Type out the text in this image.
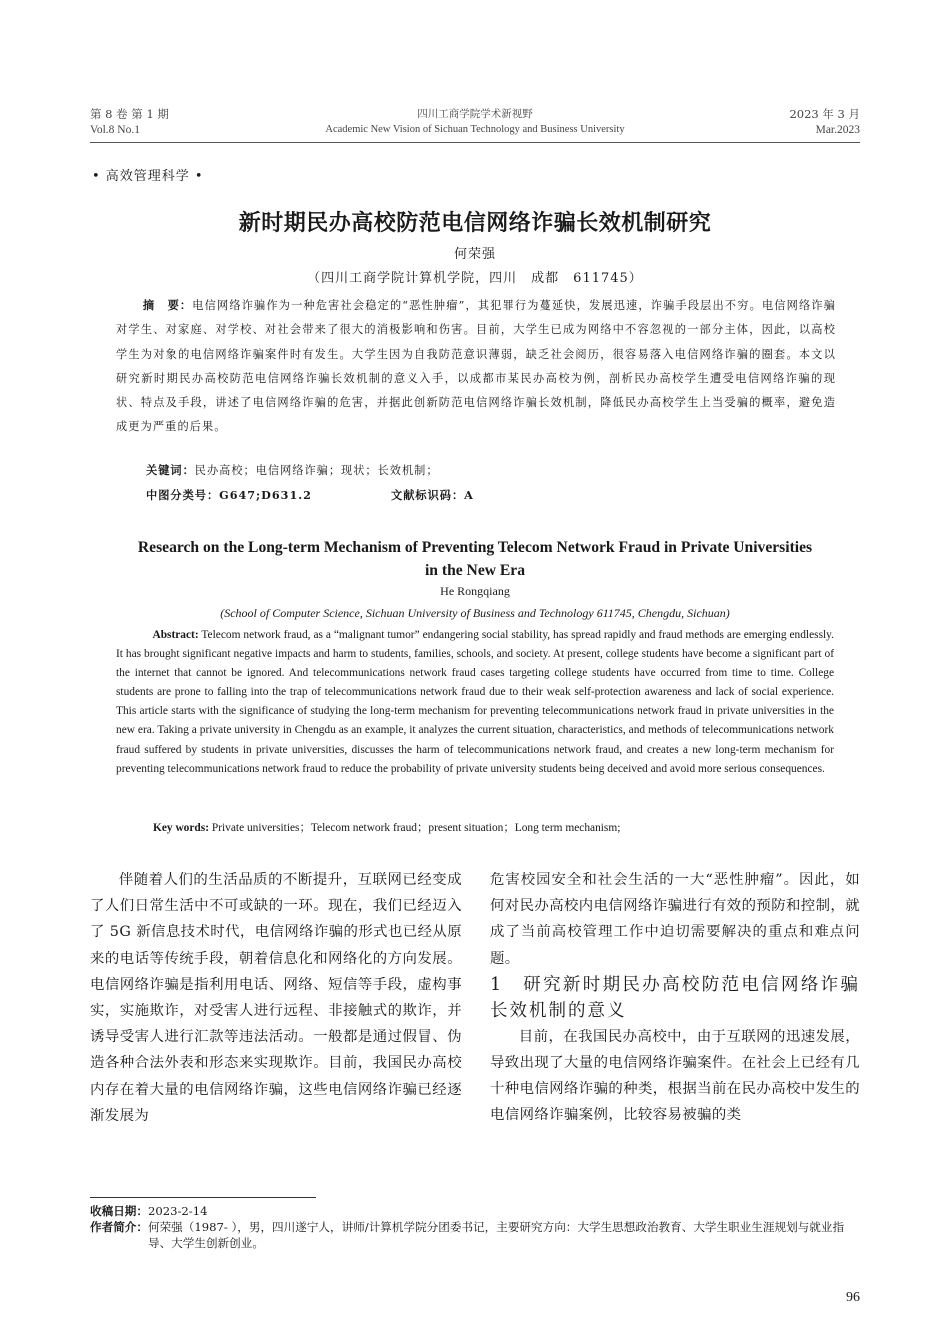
第 8 卷 第 1 期
Vol.8 No.1
四川工商学院学术新视野
Academic New Vision of Sichuan Technology and Business University
2023 年 3 月
Mar.2023
• 高效管理科学 •
新时期民办高校防范电信网络诈骗长效机制研究
何荣强
（四川工商学院计算机学院，四川　成都　611745）
摘　要：电信网络诈骗作为一种危害社会稳定的“恶性肿瘤”，其犯罪行为蔓延快，发展迅速，诈骗手段层出不穷。电信网络诈骗对学生、对家庭、对学校、对社会带来了很大的消极影响和伤害。目前，大学生已成为网络中不容忽视的一部分主体，因此，以高校学生为对象的电信网络诈骗案件时有发生。大学生因为自我防范意识薄弱，缺乏社会阅历，很容易落入电信网络诈骗的圈套。本文以研究新时期民办高校防范电信网络诈骗长效机制的意义入手，以成都市某民办高校为例，剖析民办高校学生遭受电信网络诈骗的现状、特点及手段，讲述了电信网络诈骗的危害，并据此创新防范电信网络诈骗长效机制，降低民办高校学生上当受骗的概率，避免造成更为严重的后果。
关键词：民办高校；电信网络诈骗；现状；长效机制；
中图分类号：G647;D631.2	文献标识码：A
Research on the Long-term Mechanism of Preventing Telecom Network Fraud in Private Universities in the New Era
He Rongqiang
(School of Computer Science, Sichuan University of Business and Technology 611745, Chengdu, Sichuan)
Abstract: Telecom network fraud, as a “malignant tumor” endangering social stability, has spread rapidly and fraud methods are emerging endlessly. It has brought significant negative impacts and harm to students, families, schools, and society. At present, college students have become a significant part of the internet that cannot be ignored. And telecommunications network fraud cases targeting college students have occurred from time to time. College students are prone to falling into the trap of telecommunications network fraud due to their weak self-protection awareness and lack of social experience. This article starts with the significance of studying the long-term mechanism for preventing telecommunications network fraud in private universities in the new era. Taking a private university in Chengdu as an example, it analyzes the current situation, characteristics, and methods of telecommunications network fraud suffered by students in private universities, discusses the harm of telecommunications network fraud, and creates a new long-term mechanism for preventing telecommunications network fraud to reduce the probability of private university students being deceived and avoid more serious consequences.
Key words: Private universities；Telecom network fraud；present situation；Long term mechanism;

伴随着人们的生活品质的不断提升，互联网已经变成了人们日常生活中不可或缺的一环。现在，我们已经迈入了 5G 新信息技术时代，电信网络诈骗的形式也已经从原来的电话等传统手段，朝着信息化和网络化的方向发展。电信网络诈骗是指利用电话、网络、短信等手段，虚构事实，实施欺诈，对受害人进行远程、非接触式的欺诈，并诱导受害人进行汇款等违法活动。一般都是通过假冒、伪造各种合法外表和形态来实现欺诈。目前，我国民办高校内存在着大量的电信网络诈骗，这些电信网络诈骗已经逐渐发展为

危害校园安全和社会生活的一大“恶性肿瘤”。因此，如何对民办高校内电信网络诈骗进行有效的预防和控制，就成了当前高校管理工作中迫切需要解决的重点和难点问题。

1　研究新时期民办高校防范电信网络诈骗长效机制的意义

目前，在我国民办高校中，由于互联网的迅速发展，导致出现了大量的电信网络诈骗案件。在社会上已经有几十种电信网络诈骗的种类，根据当前在民办高校中发生的电信网络诈骗案例，比较容易被骗的类

收稿日期： 2023-2-14
作者简介： 何荣强（1987- ），男，四川遂宁人，讲师/计算机学院分团委书记，主要研究方向：大学生思想政治教育、大学生职业生涯规划与就业指导、大学生创新创业。
96
